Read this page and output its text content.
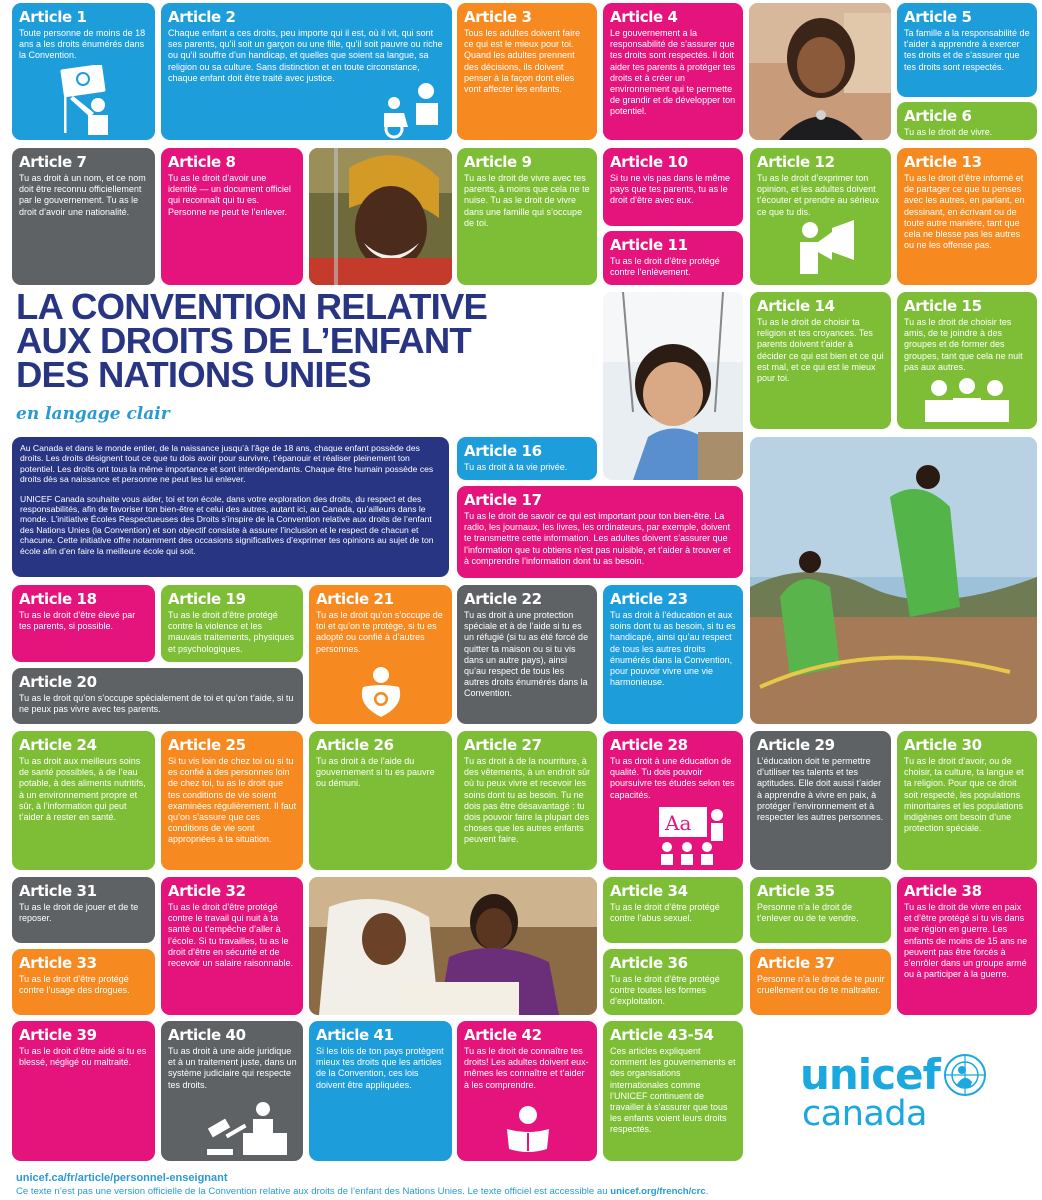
Article 1
Toute personne de moins de 18 ans a les droits énumérés dans la Convention.
Article 2
Chaque enfant a ces droits, peu importe qui il est, où il vit, qui sont ses parents, qu’il soit un garçon ou une fille, qu’il soit pauvre ou riche ou qu’il souffre d’un handicap, et quelles que soient sa langue, sa religion ou sa culture. Sans distinction et en toute circonstance, chaque enfant doit être traité avec justice.
Article 3
Tous les adultes doivent faire ce qui est le mieux pour toi. Quand les adultes prennent des décisions, ils doivent penser à la façon dont elles vont affecter les enfants.
Article 4
Le gouvernement a la responsabilité de s’assurer que tes droits sont respectés. Il doit aider tes parents à protéger tes droits et à créer un environnement qui te permette de grandir et de développer ton potentiel.
Article 5
Ta famille a la responsabilité de t’aider à apprendre à exercer tes droits et de s’assurer que tes droits sont respectés.
Article 6
Tu as le droit de vivre.
Article 7
Tu as droit à un nom, et ce nom doit être reconnu officiellement par le gouvernement. Tu as le droit d’avoir une nationalité.
Article 8
Tu as le droit d’avoir une identité — un document officiel qui reconnaît qui tu es. Personne ne peut te l’enlever.
Article 9
Tu as le droit de vivre avec tes parents, à moins que cela ne te nuise. Tu as le droit de vivre dans une famille qui s’occupe de toi.
Article 10
Si tu ne vis pas dans le même pays que tes parents, tu as le droit d’être avec eux.
Article 11
Tu as le droit d’être protégé contre l’enlèvement.
Article 12
Tu as le droit d’exprimer ton opinion, et les adultes doivent t’écouter et prendre au sérieux ce que tu dis.
Article 13
Tu as le droit d’être informé et de partager ce que tu penses avec les autres, en parlant, en dessinant, en écrivant ou de toute autre manière, tant que cela ne blesse pas les autres ou ne les offense pas.
LA CONVENTION RELATIVE
AUX DROITS DE L’ENFANT
DES NATIONS UNIES
en langage clair

Au Canada et dans le monde entier, de la naissance jusqu’à l’âge de 18 ans, chaque enfant possède des droits. Les droits désignent tout ce que tu dois avoir pour survivre, t’épanouir et réaliser pleinement ton potentiel. Les droits ont tous la même importance et sont interdépendants. Chaque être humain possède ces droits dès sa naissance et personne ne peut les lui enlever.

UNICEF Canada souhaite vous aider, toi et ton école, dans votre exploration des droits, du respect et des responsabilités, afin de favoriser ton bien-être et celui des autres, autant ici, au Canada, qu’ailleurs dans le monde. L’initiative Écoles Respectueuses des Droits s’inspire de la Convention relative aux droits de l’enfant des Nations Unies (la Convention) et son objectif consiste à assurer l’inclusion et le respect de chacun et chacune. Cette initiative offre notamment des occasions significatives d’exprimer tes opinions au sujet de ton école afin d’en faire la meilleure école qui soit.

Article 14
Tu as le droit de choisir ta religion et tes croyances. Tes parents doivent t’aider à décider ce qui est bien et ce qui est mal, et ce qui est le mieux pour toi.
Article 15
Tu as le droit de choisir tes amis, de te joindre à des groupes et de former des groupes, tant que cela ne nuit pas aux autres.
Article 16
Tu as droit à ta vie privée.
Article 17
Tu as le droit de savoir ce qui est important pour ton bien-être. La radio, les journaux, les livres, les ordinateurs, par exemple, doivent te transmettre cette information. Les adultes doivent s’assurer que l’information que tu obtiens n’est pas nuisible, et t’aider à trouver et à comprendre l’information dont tu as besoin.
Article 18
Tu as le droit d’être élevé par tes parents, si possible.
Article 19
Tu as le droit d’être protégé contre la violence et les mauvais traitements, physiques et psychologiques.
Article 20
Tu as le droit qu’on s’occupe spécialement de toi et qu’on t’aide, si tu ne peux pas vivre avec tes parents.
Article 21
Tu as le droit qu’on s’occupe de toi et qu’on te protège, si tu es adopté ou confié à d’autres personnes.
Article 22
Tu as droit à une protection spéciale et à de l’aide si tu es un réfugié (si tu as été forcé de quitter ta maison ou si tu vis dans un autre pays), ainsi qu’au respect de tous les autres droits énumérés dans la Convention.
Article 23
Tu as droit à l’éducation et aux soins dont tu as besoin, si tu es handicapé, ainsi qu’au respect de tous les autres droits énumérés dans la Convention, pour pouvoir vivre une vie harmonieuse.
Article 24
Tu as droit aux meilleurs soins de santé possibles, à de l’eau potable, à des aliments nutritifs, à un environnement propre et sûr, à l’information qui peut t’aider à rester en santé.
Article 25
Si tu vis loin de chez toi ou si tu es confié à des personnes loin de chez toi, tu as le droit que tes conditions de vie soient examinées régulièrement. Il faut qu’on s’assure que ces conditions de vie sont appropriées à ta situation.
Article 26
Tu as droit à de l’aide du gouvernement si tu es pauvre ou démuni.
Article 27
Tu as droit à de la nourriture, à des vêtements, à un endroit sûr où tu peux vivre et recevoir les soins dont tu as besoin. Tu ne dois pas être désavantagé : tu dois pouvoir faire la plupart des choses que les autres enfants peuvent faire.
Article 28
Tu as droit à une éducation de qualité. Tu dois pouvoir poursuivre tes études selon tes capacités.
Aa
Article 29
L’éducation doit te permettre d’utiliser tes talents et tes aptitudes. Elle doit aussi t’aider à apprendre à vivre en paix, à protéger l’environnement et à respecter les autres personnes.
Article 30
Tu as le droit d’avoir, ou de choisir, ta culture, ta langue et ta religion. Pour que ce droit soit respecté, les populations minoritaires et les populations indigènes ont besoin d’une protection spéciale.
Article 31
Tu as le droit de jouer et de te reposer.
Article 33
Tu as le droit d’être protégé contre l’usage des drogues.
Article 32
Tu as le droit d’être protégé contre le travail qui nuit à ta santé ou t’empêche d’aller à l’école. Si tu travailles, tu as le droit d’être en sécurité et de recevoir un salaire raisonnable.
Article 34
Tu as le droit d’être protégé contre l’abus sexuel.
Article 36
Tu as le droit d’être protégé contre toutes les formes d’exploitation.
Article 35
Personne n’a le droit de t’enlever ou de te vendre.
Article 37
Personne n’a le droit de te punir cruellement ou de te maltraiter.
Article 38
Tu as le droit de vivre en paix et d’être protégé si tu vis dans une région en guerre. Les enfants de moins de 15 ans ne peuvent pas être forcés à s’enrôler dans un groupe armé ou à participer à la guerre.
Article 39
Tu as le droit d’être aidé si tu es blessé, négligé ou maltraité.
Article 40
Tu as droit à une aide juridique et à un traitement juste, dans un système judiciaire qui respecte tes droits.
Article 41
Si les lois de ton pays protègent mieux tes droits que les articles de la Convention, ces lois doivent être appliquées.
Article 42
Tu as le droit de connaître tes droits! Les adultes doivent eux-mêmes les connaître et t’aider à les comprendre.
Article 43-54
Ces articles expliquent comment les gouvernements et des organisations internationales comme l’UNICEF continuent de travailler à s’assurer que tous les enfants voient leurs droits respectés.
unicef
canada
unicef.ca/fr/article/personnel-enseignant
Ce texte n’est pas une version officielle de la Convention relative aux droits de l’enfant des Nations Unies. Le texte officiel est accessible au unicef.org/french/crc.
